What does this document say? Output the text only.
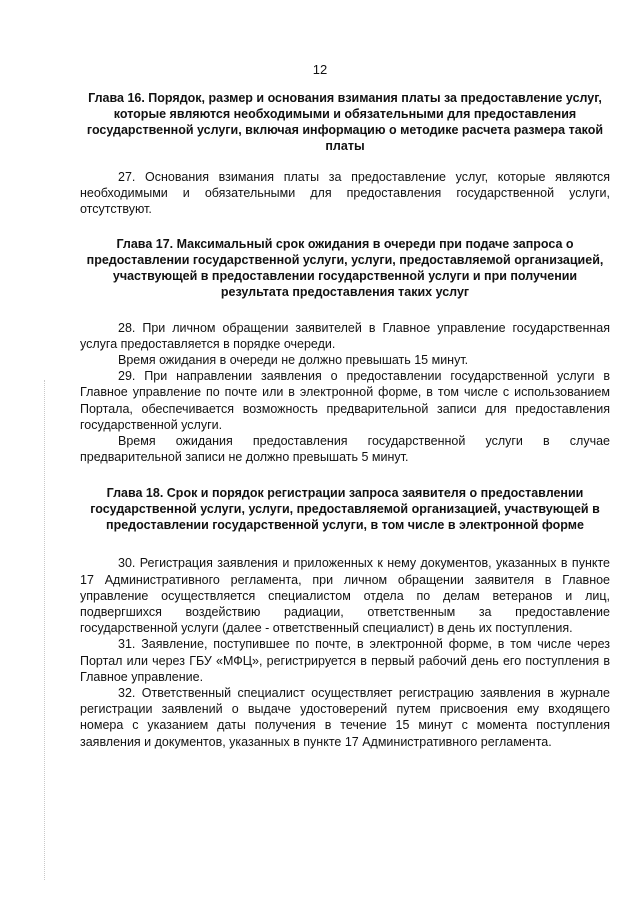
12

Глава 16. Порядок, размер и основания взимания платы за предоставление услуг, которые являются необходимыми и обязательными для предоставления государственной услуги, включая информацию о методике расчета размера такой платы

27. Основания взимания платы за предоставление услуг, которые являются необходимыми и обязательными для предоставления государственной услуги, отсутствуют.

Глава 17. Максимальный срок ожидания в очереди при подаче запроса о предоставлении государственной услуги, услуги, предоставляемой организацией, участвующей в предоставлении государственной услуги и при получении результата предоставления таких услуг

28. При личном обращении заявителей в Главное управление государственная услуга предоставляется в порядке очереди.

Время ожидания в очереди не должно превышать 15 минут.

29. При направлении заявления о предоставлении государственной услуги в Главное управление по почте или в электронной форме, в том числе с использованием Портала, обеспечивается возможность предварительной записи для предоставления государственной услуги.

Время ожидания предоставления государственной услуги в случае предварительной записи не должно превышать 5 минут.

Глава 18. Срок и порядок регистрации запроса заявителя о предоставлении государственной услуги, услуги, предоставляемой организацией, участвующей в предоставлении государственной услуги, в том числе в электронной форме

30. Регистрация заявления и приложенных к нему документов, указанных в пункте 17 Административного регламента, при личном обращении заявителя в Главное управление осуществляется специалистом отдела по делам ветеранов и лиц, подвергшихся воздействию радиации, ответственным за предоставление государственной услуги (далее - ответственный специалист) в день их поступления.

31. Заявление, поступившее по почте, в электронной форме, в том числе через Портал или через ГБУ «МФЦ», регистрируется в первый рабочий день его поступления в Главное управление.

32. Ответственный специалист осуществляет регистрацию заявления в журнале регистрации заявлений о выдаче удостоверений путем присвоения ему входящего номера с указанием даты получения в течение 15 минут с момента поступления заявления и документов, указанных в пункте 17 Административного регламента.
